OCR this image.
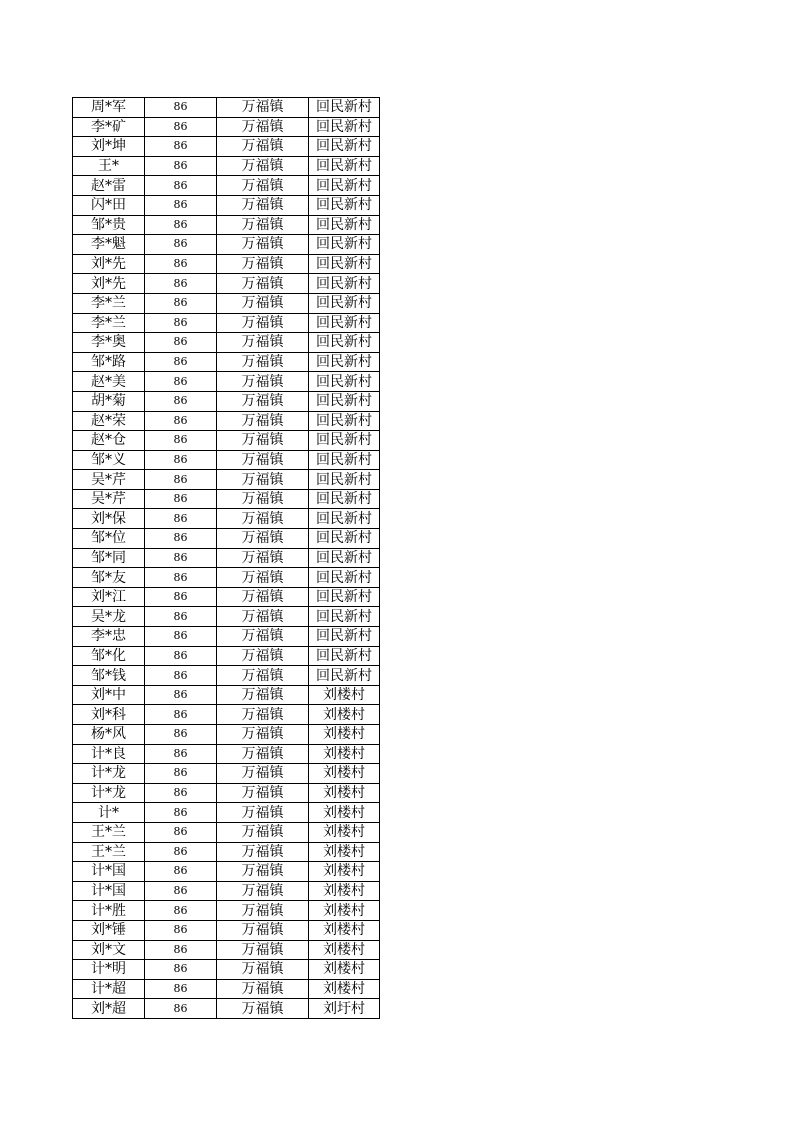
周*军	86	万福镇	回民新村
李*矿	86	万福镇	回民新村
刘*坤	86	万福镇	回民新村
王*	86	万福镇	回民新村
赵*雷	86	万福镇	回民新村
闪*田	86	万福镇	回民新村
邹*贵	86	万福镇	回民新村
李*魁	86	万福镇	回民新村
刘*先	86	万福镇	回民新村
刘*先	86	万福镇	回民新村
李*兰	86	万福镇	回民新村
李*兰	86	万福镇	回民新村
李*奥	86	万福镇	回民新村
邹*路	86	万福镇	回民新村
赵*美	86	万福镇	回民新村
胡*菊	86	万福镇	回民新村
赵*荣	86	万福镇	回民新村
赵*仓	86	万福镇	回民新村
邹*义	86	万福镇	回民新村
吴*芹	86	万福镇	回民新村
吴*芹	86	万福镇	回民新村
刘*保	86	万福镇	回民新村
邹*位	86	万福镇	回民新村
邹*同	86	万福镇	回民新村
邹*友	86	万福镇	回民新村
刘*江	86	万福镇	回民新村
吴*龙	86	万福镇	回民新村
李*忠	86	万福镇	回民新村
邹*化	86	万福镇	回民新村
邹*钱	86	万福镇	回民新村
刘*中	86	万福镇	刘楼村
刘*科	86	万福镇	刘楼村
杨*风	86	万福镇	刘楼村
计*良	86	万福镇	刘楼村
计*龙	86	万福镇	刘楼村
计*龙	86	万福镇	刘楼村
计*	86	万福镇	刘楼村
王*兰	86	万福镇	刘楼村
王*兰	86	万福镇	刘楼村
计*国	86	万福镇	刘楼村
计*国	86	万福镇	刘楼村
计*胜	86	万福镇	刘楼村
刘*锤	86	万福镇	刘楼村
刘*文	86	万福镇	刘楼村
计*明	86	万福镇	刘楼村
计*超	86	万福镇	刘楼村
刘*超	86	万福镇	刘圩村
